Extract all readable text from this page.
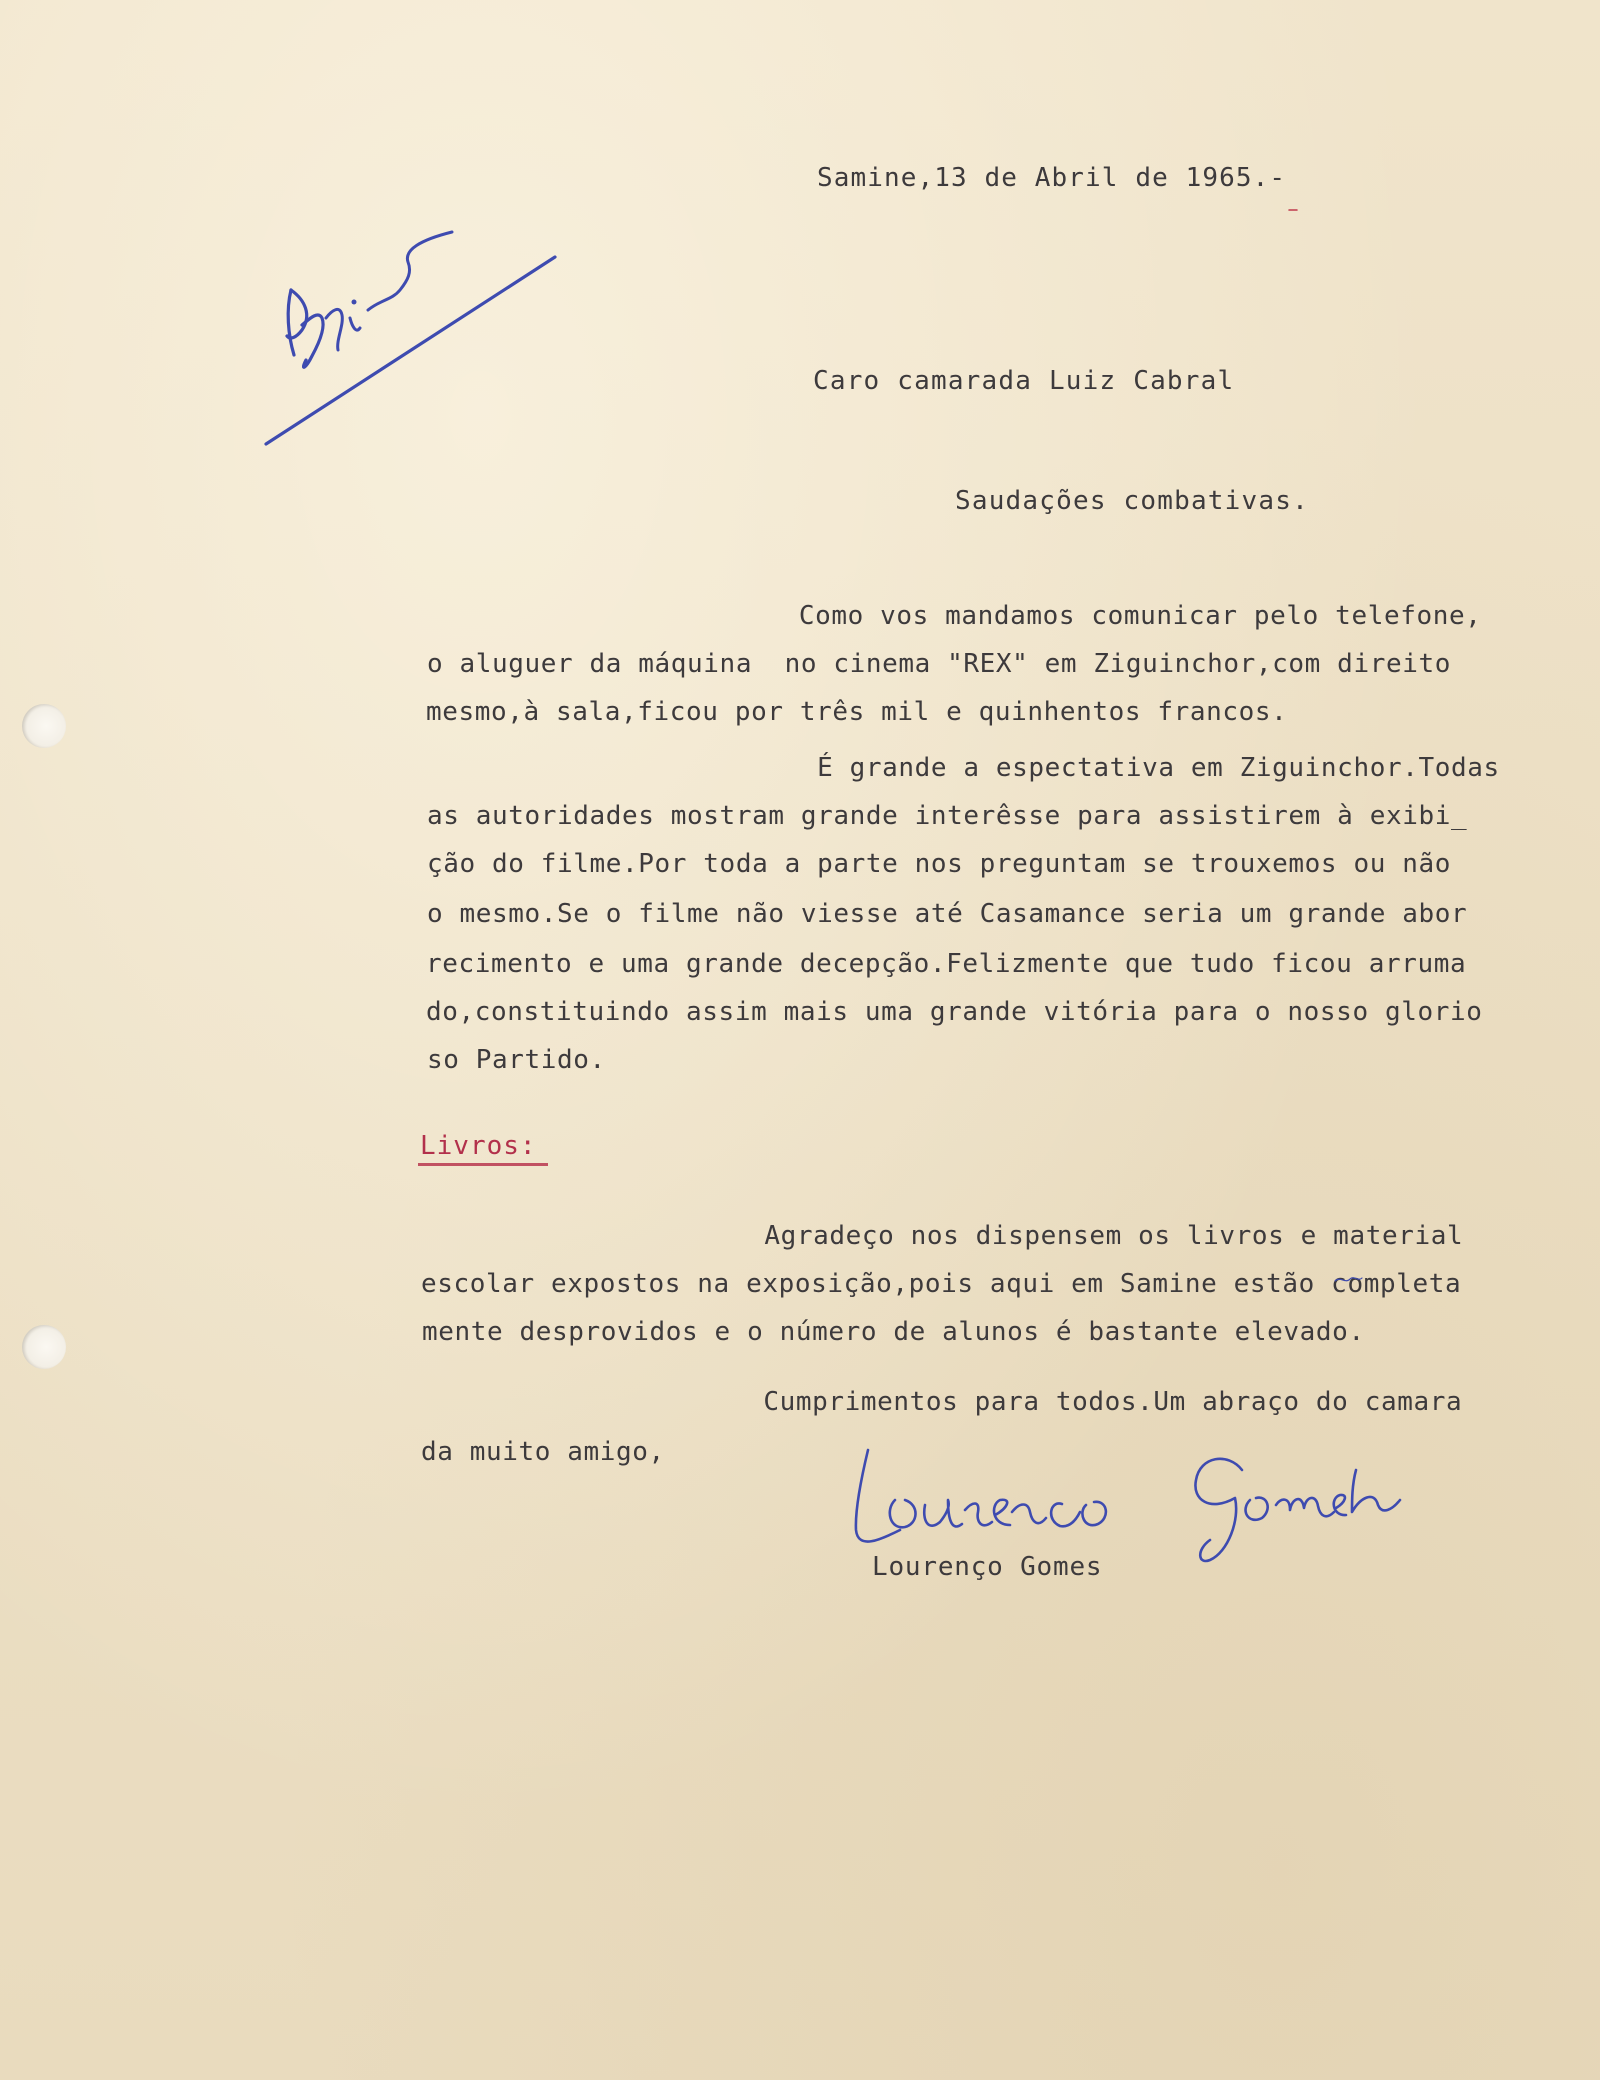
Samine,13 de Abril de 1965.-
Caro camarada Luiz Cabral
Saudações combativas.
Como vos mandamos comunicar pelo telefone,
o aluguer da máquina  no cinema "REX" em Ziguinchor,com direito
mesmo,à sala,ficou por três mil e quinhentos francos.
É grande a espectativa em Ziguinchor.Todas
as autoridades mostram grande interêsse para assistirem à exibi_
ção do filme.Por toda a parte nos preguntam se trouxemos ou não
o mesmo.Se o filme não viesse até Casamance seria um grande abor
recimento e uma grande decepção.Felizmente que tudo ficou arruma
do,constituindo assim mais uma grande vitória para o nosso glorio
so Partido.
Livros:
Agradeço nos dispensem os livros e material
escolar expostos na exposição,pois aqui em Samine estão completa
mente desprovidos e o número de alunos é bastante elevado.
Cumprimentos para todos.Um abraço do camara
da muito amigo,
Lourenço Gomes
